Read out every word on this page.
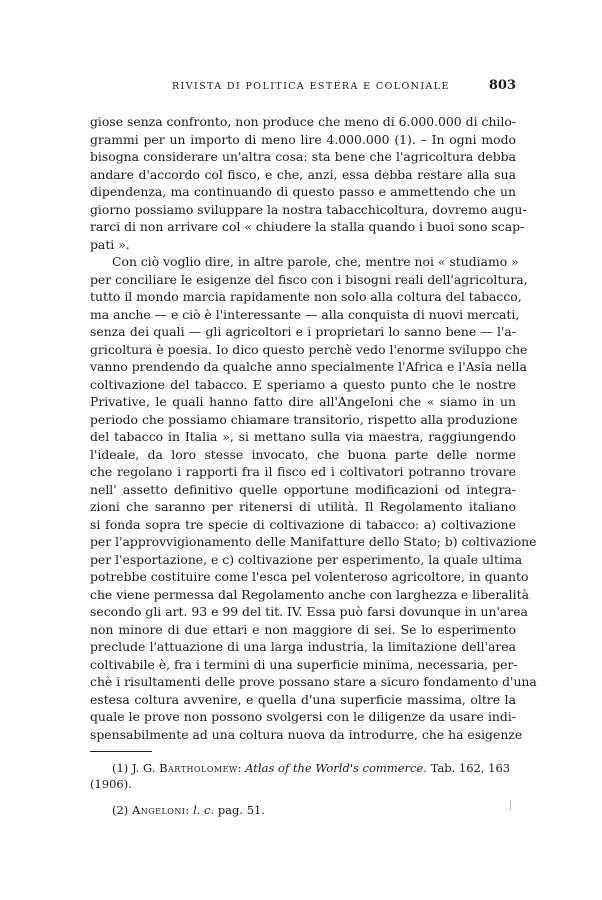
RIVISTA DI POLITICA ESTERA E COLONIALE	803
giose senza confronto, non produce che meno di 6.000.000 di chilo-
grammi per un importo di meno lire 4.000.000 (1). – In ogni modo
bisogna considerare un'altra cosa: sta bene che l'agricoltura debba
andare d'accordo col fisco, e che, anzi, essa debba restare alla sua
dipendenza, ma continuando di questo passo e ammettendo che un
giorno possiamo sviluppare la nostra tabacchicoltura, dovremo augu-
rarci di non arrivare col « chiudere la stalla quando i buoi sono scap-
pati ».
Con ciò voglio dire, in altre parole, che, mentre noi « studiamo »
per conciliare le esigenze del fisco con i bisogni reali dell'agricoltura,
tutto il mondo marcia rapidamente non solo alla coltura del tabacco,
ma anche — e ciò è l'interessante — alla conquista di nuovi mercati,
senza dei quali — gli agricoltori e i proprietari lo sanno bene — l'a-
gricoltura è poesia. Io dico questo perchè vedo l'enorme sviluppo che
vanno prendendo da qualche anno specialmente l'Africa e l'Asia nella
coltivazione del tabacco. E speriamo a questo punto che le nostre
Privative, le quali hanno fatto dire all'Angeloni che « siamo in un
periodo che possiamo chiamare transitorio, rispetto alla produzione
del tabacco in Italia », si mettano sulla via maestra, raggiungendo
l'ideale, da loro stesse invocato, che buona parte delle norme
che regolano i rapporti fra il fisco ed i coltivatori potranno trovare
nell' assetto definitivo quelle opportune modificazioni od integra-
zioni che saranno per ritenersi di utilità. Il Regolamento italiano
si fonda sopra tre specie di coltivazione di tabacco: a) coltivazione
per l'approvvigionamento delle Manifatture dello Stato; b) coltivazione
per l'esportazione, e c) coltivazione per esperimento, la quale ultima
potrebbe costituire come l'esca pel volenteroso agricoltore, in quanto
che viene permessa dal Regolamento anche con larghezza e liberalità
secondo gli art. 93 e 99 del tit. IV. Essa può farsi dovunque in un'area
non minore di due ettari e non maggiore di sei. Se lo esperimento
preclude l'attuazione di una larga industria, la limitazione dell'area
coltivabile è, fra i termini di una superficie minima, necessaria, per-
chè i risultamenti delle prove possano stare a sicuro fondamento d'una
estesa coltura avvenire, e quella d'una superficie massima, oltre la
quale le prove non possono svolgersi con le diligenze da usare indi-
spensabilmente ad una coltura nuova da introdurre, che ha esigenze
(1) J. G. Bartholomew: Atlas of the World's commerce. Tab. 162, 163
(1906).
(2) Angeloni: l. c. pag. 51.
